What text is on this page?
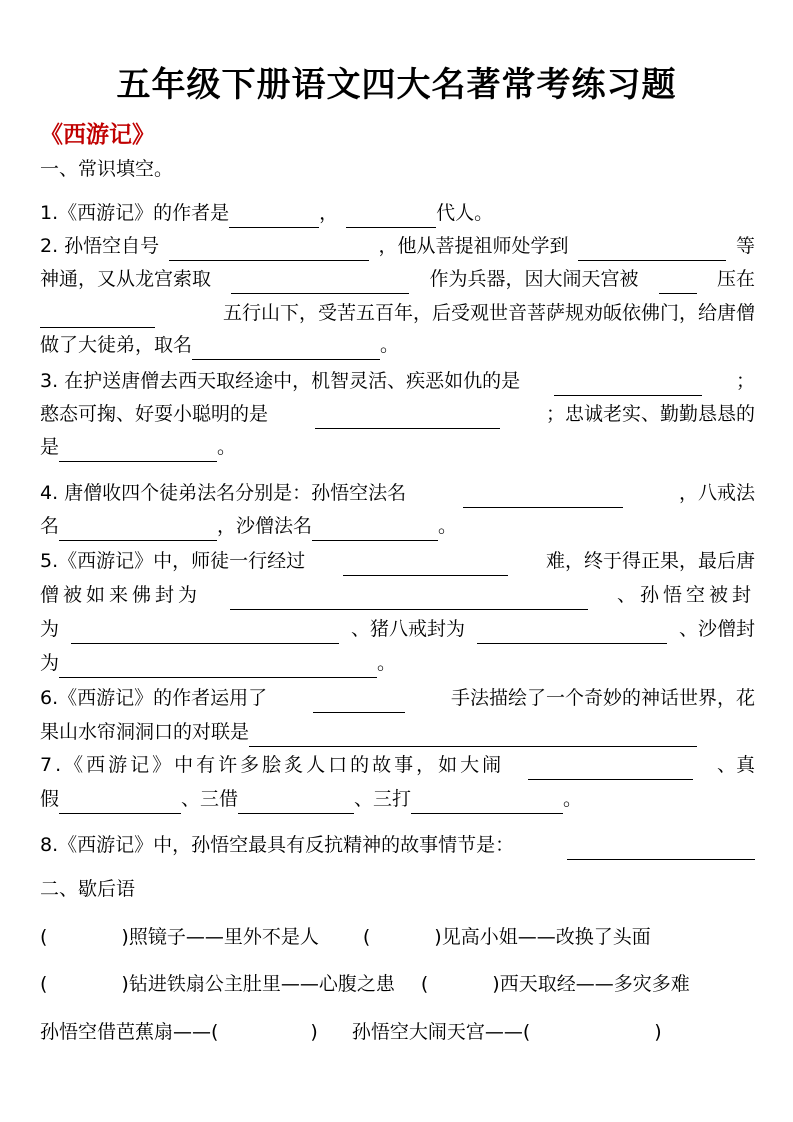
五年级下册语文四大名著常考练习题
《西游记》
一、常识填空。
1.《西游记》的作者是	，	代人。
2. 孙悟空自号	，他从菩提祖师处学到	等
神通，又从龙宫索取	作为兵器，因大闹天宫被	压在
五行山下，受苦五百年，后受观世音菩萨规劝皈依佛门，给唐僧
做了大徒弟，取名	。
3. 在护送唐僧去西天取经途中，机智灵活、疾恶如仇的是	；
憨态可掬、好耍小聪明的是	；忠诚老实、勤勤恳恳的
是	。
4. 唐僧收四个徒弟法名分别是：孙悟空法名	，八戒法
名	，沙僧法名	。
5.《西游记》中，师徒一行经过	难，终于得正果，最后唐
僧被如来佛封为	、孙悟空被封
为	、猪八戒封为	、沙僧封
为	。
6.《西游记》的作者运用了	手法描绘了一个奇妙的神话世界，花
果山水帘洞洞口的对联是
7.《西游记》中有许多脍炙人口的故事，如大闹	、真
假	、三借	、三打	。
8.《西游记》中，孙悟空最具有反抗精神的故事情节是：
二、歇后语
(	) 照镜子——里外不是人 (	) 见高小姐——改换了头面
(	) 钻进铁扇公主肚里——心腹之患 (	) 西天取经——多灾多难
孙悟空借芭蕉扇——(	) 孙悟空大闹天宫——(	)
